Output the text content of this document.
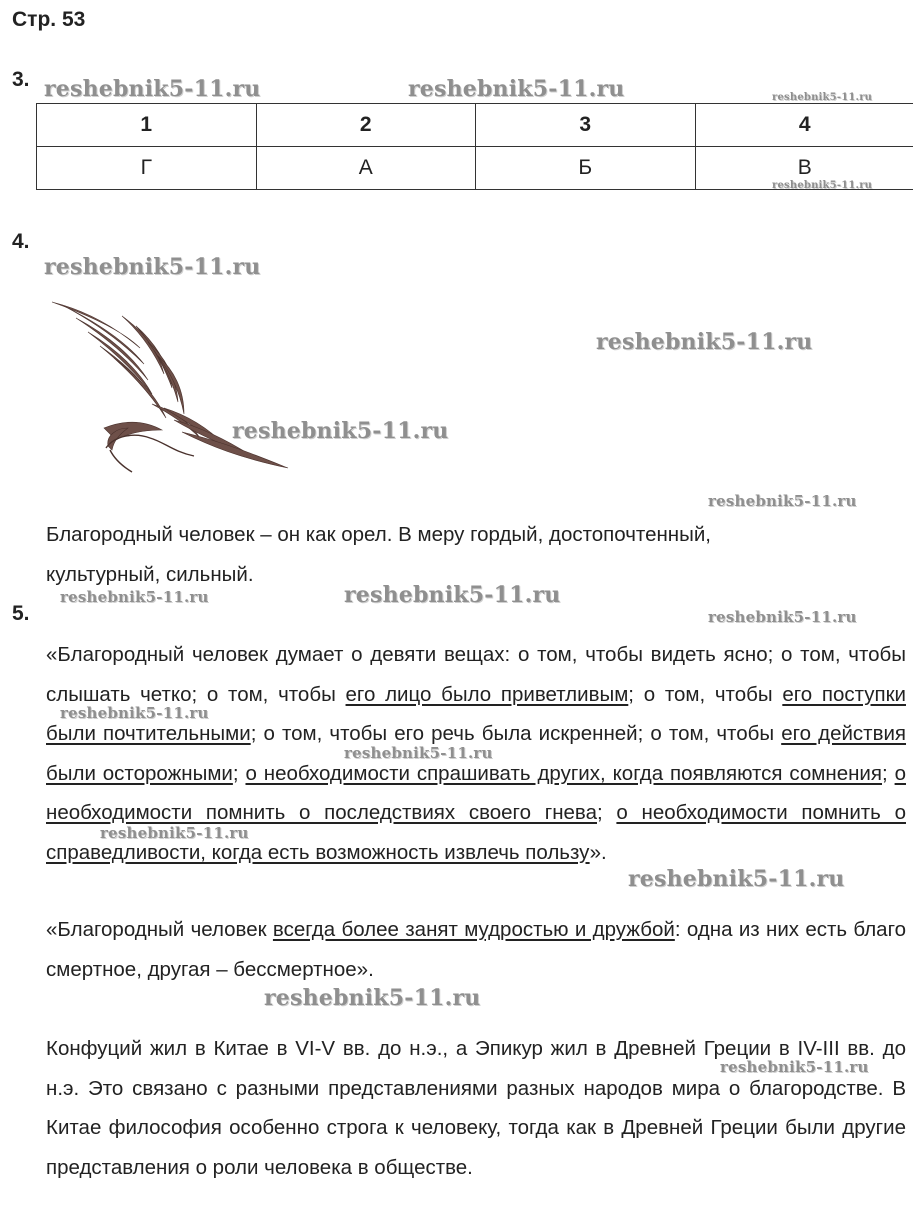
Стр. 53
3.
1	2	3	4
Г	А	Б	В
4.
Благородный человек – он как орел. В меру гордый, достопочтенный,
культурный, сильный.
5.
«Благородный человек думает о девяти вещах: о том, чтобы видеть ясно; о том, чтобы слышать четко; о том, чтобы его лицо было приветливым; о том, чтобы его поступки были почтительными; о том, чтобы его речь была искренней; о том, чтобы его действия были осторожными; о необходимости спрашивать других, когда появляются сомнения; о необходимости помнить о последствиях своего гнева; о необходимости помнить о справедливости, когда есть возможность извлечь пользу».
«Благородный человек всегда более занят мудростью и дружбой: одна из них есть благо смертное, другая – бессмертное».
Конфуций жил в Китае в VI-V вв. до н.э., а Эпикур жил в Древней Греции в IV-III вв. до н.э. Это связано с разными представлениями разных народов мира о благородстве. В Китае философия особенно строга к человеку, тогда как в Древней Греции были другие представления о роли человека в обществе.
reshebnik5-11.ru	reshebnik5-11.ru	reshebnik5-11.ru
reshebnik5-11.ru
reshebnik5-11.ru
reshebnik5-11.ru
reshebnik5-11.ru
reshebnik5-11.ru
reshebnik5-11.ru	reshebnik5-11.ru
reshebnik5-11.ru
reshebnik5-11.ru
reshebnik5-11.ru
reshebnik5-11.ru
reshebnik5-11.ru
reshebnik5-11.ru
reshebnik5-11.ru
